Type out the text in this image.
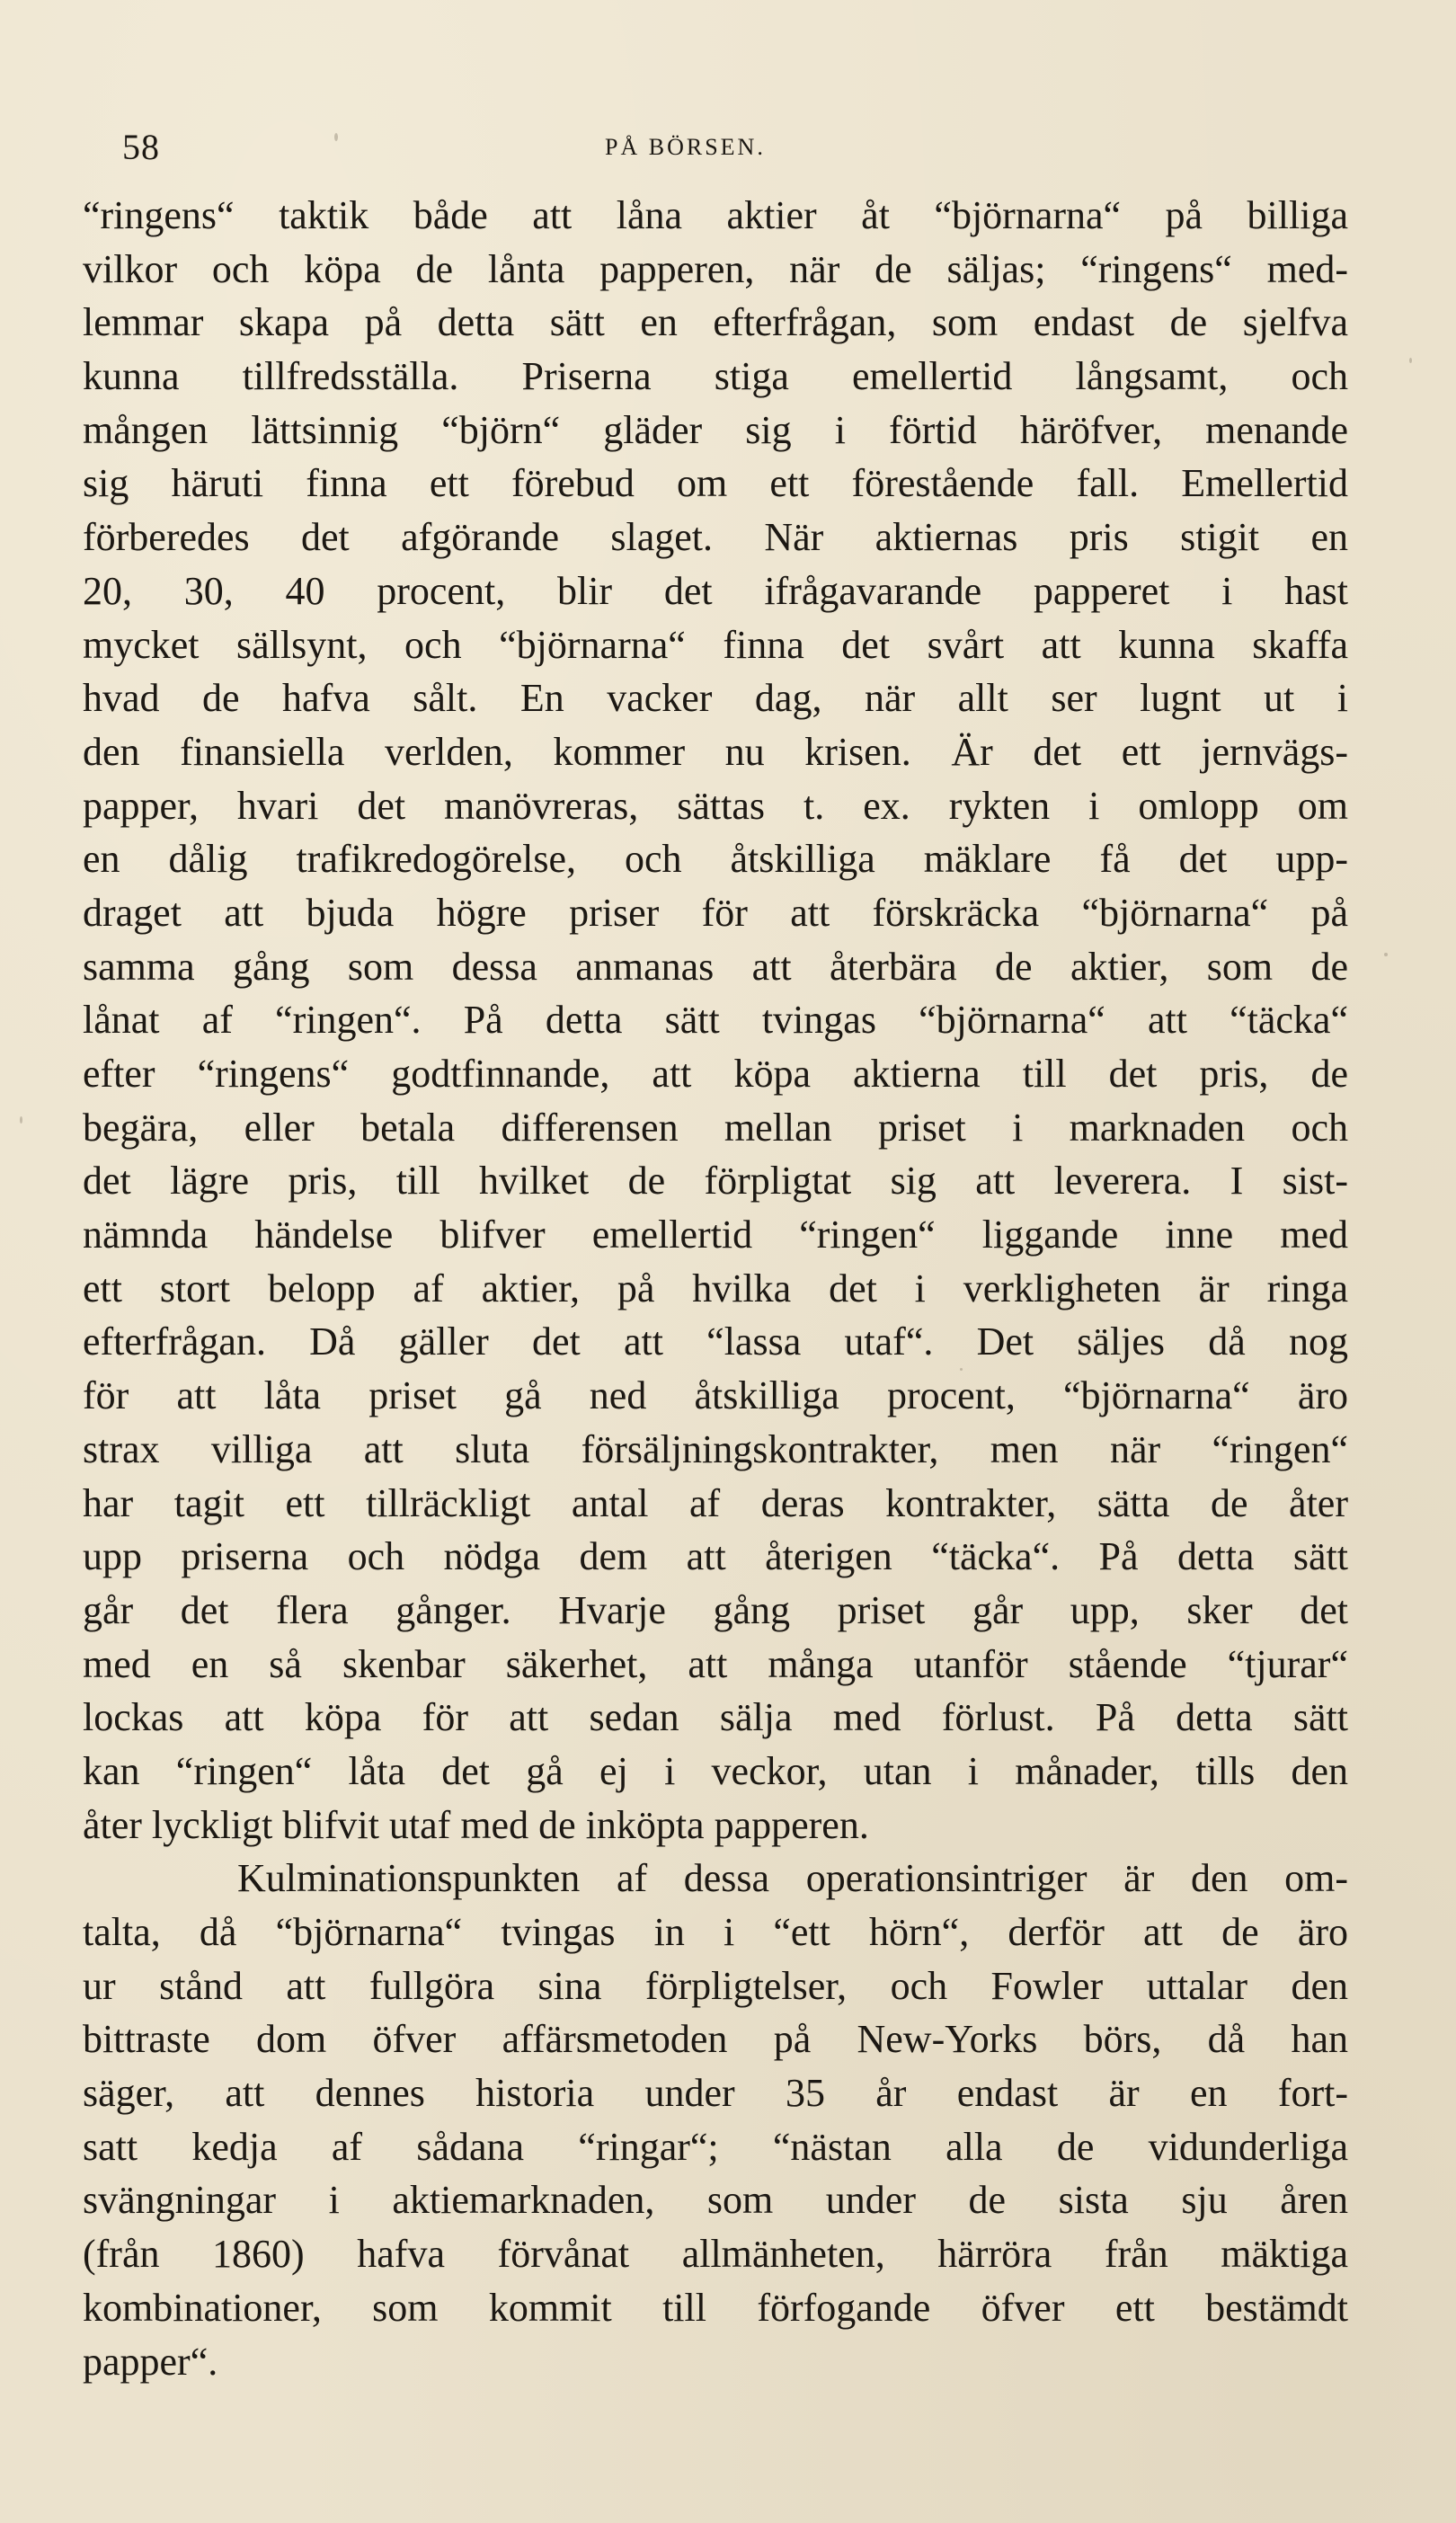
58	PÅ BÖRSEN.
“ringens“ taktik både att låna aktier åt “björnarna“ på billiga
vilkor och köpa de lånta papperen, när de säljas; “ringens“ med-
lemmar skapa på detta sätt en efterfrågan, som endast de sjelfva
kunna tillfredsställa. Priserna stiga emellertid långsamt, och
mången lättsinnig “björn“ gläder sig i förtid häröfver, menande
sig häruti finna ett förebud om ett förestående fall. Emellertid
förberedes det afgörande slaget. När aktiernas pris stigit en
20, 30, 40 procent, blir det ifrågavarande papperet i hast
mycket sällsynt, och “björnarna“ finna det svårt att kunna skaffa
hvad de hafva sålt. En vacker dag, när allt ser lugnt ut i
den finansiella verlden, kommer nu krisen. Är det ett jernvägs-
papper, hvari det manövreras, sättas t. ex. rykten i omlopp om
en dålig trafikredogörelse, och åtskilliga mäklare få det upp-
draget att bjuda högre priser för att förskräcka “björnarna“ på
samma gång som dessa anmanas att återbära de aktier, som de
lånat af “ringen“. På detta sätt tvingas “björnarna“ att “täcka“
efter “ringens“ godtfinnande, att köpa aktierna till det pris, de
begära, eller betala differensen mellan priset i marknaden och
det lägre pris, till hvilket de förpligtat sig att leverera. I sist-
nämnda händelse blifver emellertid “ringen“ liggande inne med
ett stort belopp af aktier, på hvilka det i verkligheten är ringa
efterfrågan. Då gäller det att “lassa utaf“. Det säljes då nog
för att låta priset gå ned åtskilliga procent, “björnarna“ äro
strax villiga att sluta försäljningskontrakter, men när “ringen“
har tagit ett tillräckligt antal af deras kontrakter, sätta de åter
upp priserna och nödga dem att återigen “täcka“. På detta sätt
går det flera gånger. Hvarje gång priset går upp, sker det
med en så skenbar säkerhet, att många utanför stående “tjurar“
lockas att köpa för att sedan sälja med förlust. På detta sätt
kan “ringen“ låta det gå ej i veckor, utan i månader, tills den
åter lyckligt blifvit utaf med de inköpta papperen.
Kulminationspunkten af dessa operationsintriger är den om-
talta, då “björnarna“ tvingas in i “ett hörn“, derför att de äro
ur stånd att fullgöra sina förpligtelser, och Fowler uttalar den
bittraste dom öfver affärsmetoden på New-Yorks börs, då han
säger, att dennes historia under 35 år endast är en fort-
satt kedja af sådana “ringar“; “nästan alla de vidunderliga
svängningar i aktiemarknaden, som under de sista sju åren
(från 1860) hafva förvånat allmänheten, härröra från mäktiga
kombinationer, som kommit till förfogande öfver ett bestämdt
papper“.
